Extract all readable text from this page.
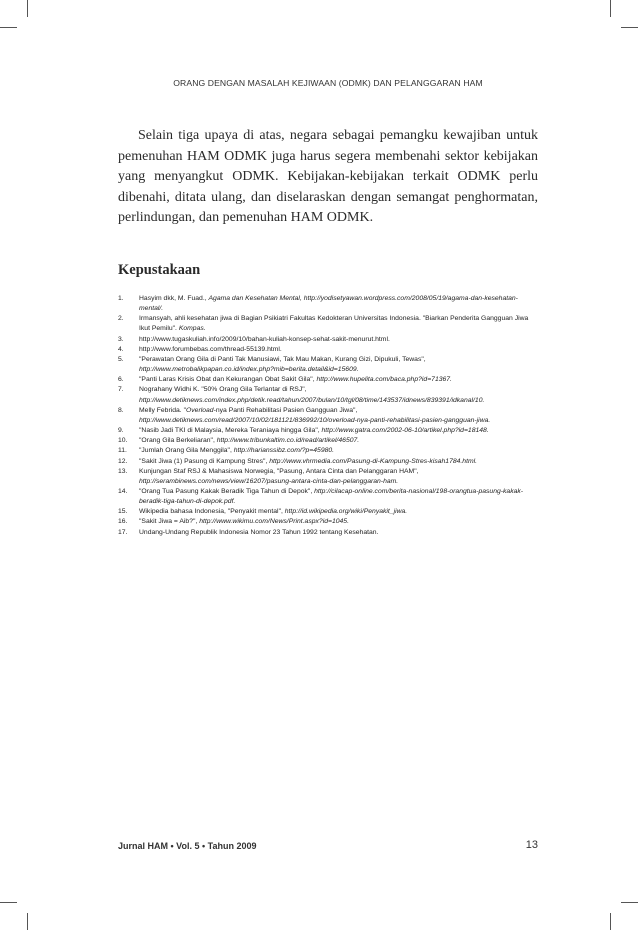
ORANG DENGAN MASALAH KEJIWAAN (ODMK) DAN PELANGGARAN HAM

Selain tiga upaya di atas, negara sebagai pemangku kewajiban untuk pemenuhan HAM ODMK juga harus segera membenahi sektor kebijakan yang menyangkut ODMK. Kebijakan-kebijakan terkait ODMK perlu dibenahi, ditata ulang, dan diselaraskan dengan semangat penghormatan, perlindungan, dan pemenuhan HAM ODMK.

Kepustakaan
1.	Hasyim dkk, M. Fuad., Agama dan Kesehatan Mental, http://yodisetyawan.wordpress.com/2008/05/19/agama-dan-kesehatan-mental/.
2.	Irmansyah, ahli kesehatan jiwa di Bagian Psikiatri Fakultas Kedokteran Universitas Indonesia. "Biarkan Penderita Gangguan Jiwa Ikut Pemilu". Kompas.
3.	http://www.tugaskuliah.info/2009/10/bahan-kuliah-konsep-sehat-sakit-menurut.html.
4.	http://www.forumbebas.com/thread-55139.html.
5.	"Perawatan Orang Gila di Panti Tak Manusiawi, Tak Mau Makan, Kurang Gizi, Dipukuli, Tewas", http://www.metrobalikpapan.co.id/index.php?mib=berita.detail&id=15609.
6.	"Panti Laras Krisis Obat dan Kekurangan Obat Sakit Gila", http://www.hupelita.com/baca.php?id=71367.
7.	Nograhany Widhi K. "50% Orang Gila Terlantar di RSJ", http://www.detiknews.com/index.php/detik.read/tahun/2007/bulan/10/tgl/08/time/143537/idnews/839391/idkanal/10.
8.	Melly Febrida. "Overload-nya Panti Rehabilitasi Pasien Gangguan Jiwa", http://www.detiknews.com/read/2007/10/02/181121/836992/10/overload-nya-panti-rehabilitasi-pasien-gangguan-jiwa.
9.	"Nasib Jadi TKI di Malaysia, Mereka Teraniaya hingga Gila", http://www.gatra.com/2002-06-10/artikel.php?id=18148.
10.	"Orang Gila Berkeliaran", http://www.tribunkaltim.co.id/read/artikel/46507.
11.	"Jumlah Orang Gila Menggila", http://harianssibz.com/?p=45980.
12.	"Sakit Jiwa (1) Pasung di Kampung Stres", http://www.vhrmedia.com/Pasung-di-Kampung-Stres-kisah1784.html.
13.	Kunjungan Staf RSJ & Mahasiswa Norwegia, "Pasung, Antara Cinta dan Pelanggaran HAM", http://serambinews.com/news/view/16207/pasung-antara-cinta-dan-pelanggaran-ham.
14.	"Orang Tua Pasung Kakak Beradik Tiga Tahun di Depok", http://cilacap-online.com/berita-nasional/198-orangtua-pasung-kakak-beradik-tiga-tahun-di-depok.pdf.
15.	Wikipedia bahasa Indonesia, "Penyakit mental", http://id.wikipedia.org/wiki/Penyakit_jiwa.
16.	"Sakit Jiwa = Aib?", http://www.wikimu.com/News/Print.aspx?id=1045.
17.	Undang-Undang Republik Indonesia Nomor 23 Tahun 1992 tentang Kesehatan.
Jurnal HAM • Vol. 5 • Tahun 2009	13
